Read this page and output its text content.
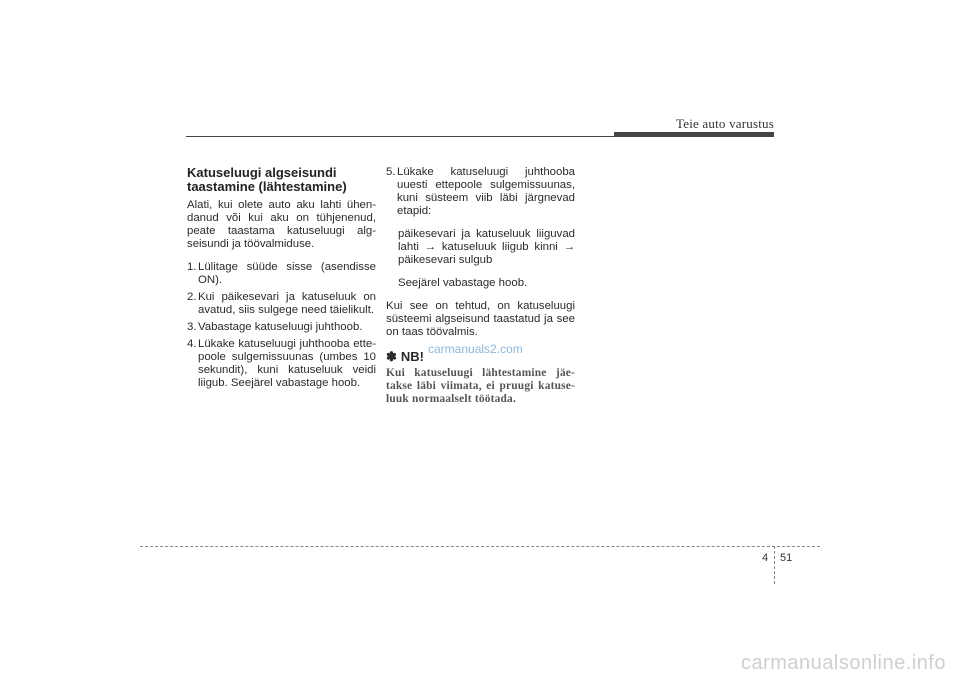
Teie auto varustus
Katuseluugi algseisundi
taastamine (lähtestamine)

Alati, kui olete auto aku lahti ühen-danud või kui aku on tühjenenud, peate taastama katuseluugi alg-seisundi ja töövalmiduse.

1. Lülitage süüde sisse (asendisse ON).
2. Kui päikesevari ja katuseluuk on avatud, siis sulgege need täielikult.
3. Vabastage katuseluugi juhthoob.
4. Lükake katuseluugi juhthooba ette-poole sulgemissuunas (umbes 10 sekundit), kuni katuseluuk veidi liigub. Seejärel vabastage hoob.
5. Lükake katuseluugi juhthooba uuesti ettepoole sulgemissuunas, kuni süsteem viib läbi järgnevad etapid:

päikesevari ja katuseluuk liiguvad lahti → katuseluuk liigub kinni → päikesevari sulgub

Seejärel vabastage hoob.

Kui see on tehtud, on katuseluugi süsteemi algseisund taastatud ja see on taas töövalmis.

✽ NB!

Kui katuseluugi lähtestamine jäe-takse läbi viimata, ei pruugi katuse-luuk normaalselt töötada.

carmanuals2.com
4 51
carmanualsonline.info
